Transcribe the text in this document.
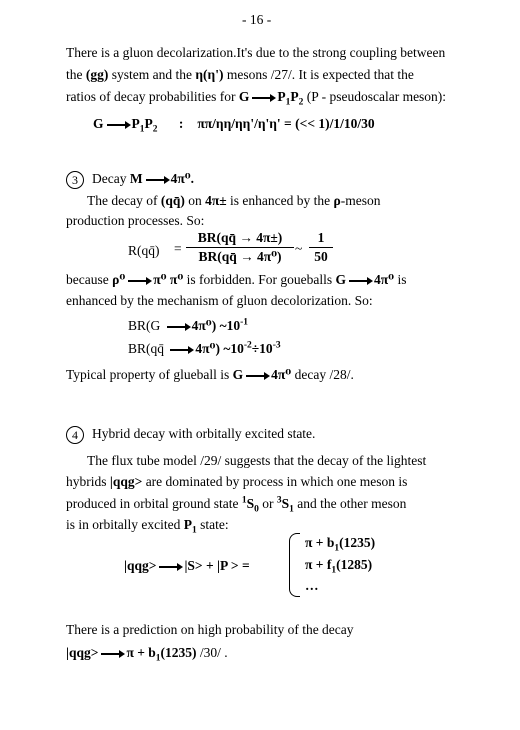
- 16 -
There is a gluon decolarization.It's due to the strong coupling between
the (gg) system and the η(η') mesons /27/. It is expected that the
ratios of decay probabilities for G $P_1P_2$ (P - pseudoscalar meson):
G $P_1P_2$ : ππ/ηη/ηη'/η'η' = (<< 1)/1/10/30
3 Decay M 4π⁰.
The decay of (qq̄) on 4π± is enhanced by the ρ-meson
production processes. So:
R(qq̄) =
BR(qq̄ → 4π±)
BR(qq̄ → 4π⁰)
~
1
50
because ρ⁰ π⁰ π⁰ is forbidden. For goueballs G 4π⁰ is
enhanced by the mechanism of gluon decolorization. So:
BR(G 4π⁰) $\sim 10^{-1}$
BR(qq̄ 4π⁰) $\sim 10^{-2}\div 10^{-3}$
Typical property of glueball is G 4π⁰ decay /28/.
4 Hybrid decay with orbitally excited state.
The flux tube model /29/ suggests that the decay of the lightest
hybrids |qqg> are dominated by process in which one meson is
produced in orbital ground state $^1S_0$ or $^3S_1$ and the other meson
is in orbitally excited $P_1$ state:
|qqg> |S> + |P > =
$\pi + b_1(1235)$
$\pi + f_1(1285)$
…
There is a prediction on high probability of the decay
$|qqg> \pi + b_1(1235)$ /30/ .
